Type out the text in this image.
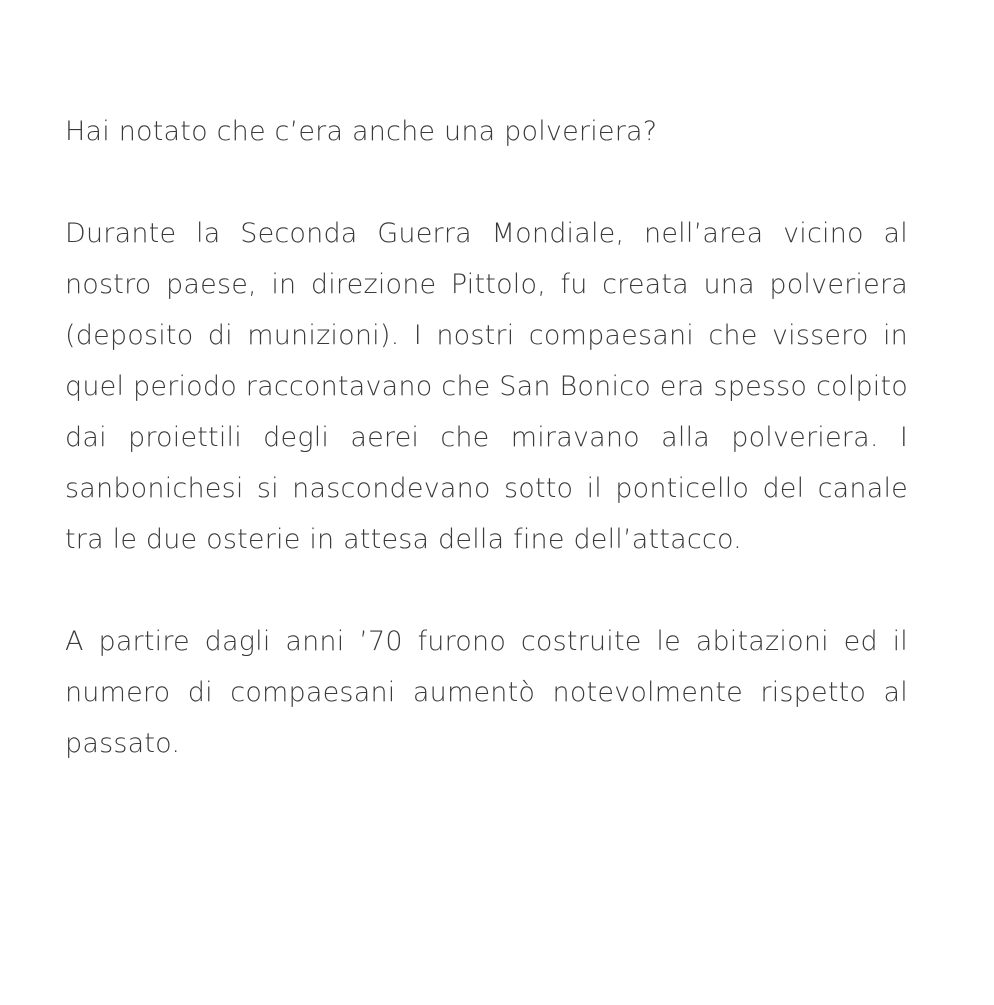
Hai notato che c’era anche una polveriera?

Durante la Seconda Guerra Mondiale, nell’area vicino al nostro paese, in direzione Pittolo, fu creata una polveriera (deposito di munizioni). I nostri compaesani che vissero in quel periodo raccontavano che San Bonico era spesso colpito dai proiettili degli aerei che miravano alla polveriera. I sanbonichesi si nascondevano sotto il ponticello del canale tra le due osterie in attesa della fine dell’attacco.

A partire dagli anni ’70 furono costruite le abitazioni ed il numero di compaesani aumentò notevolmente rispetto al passato.
